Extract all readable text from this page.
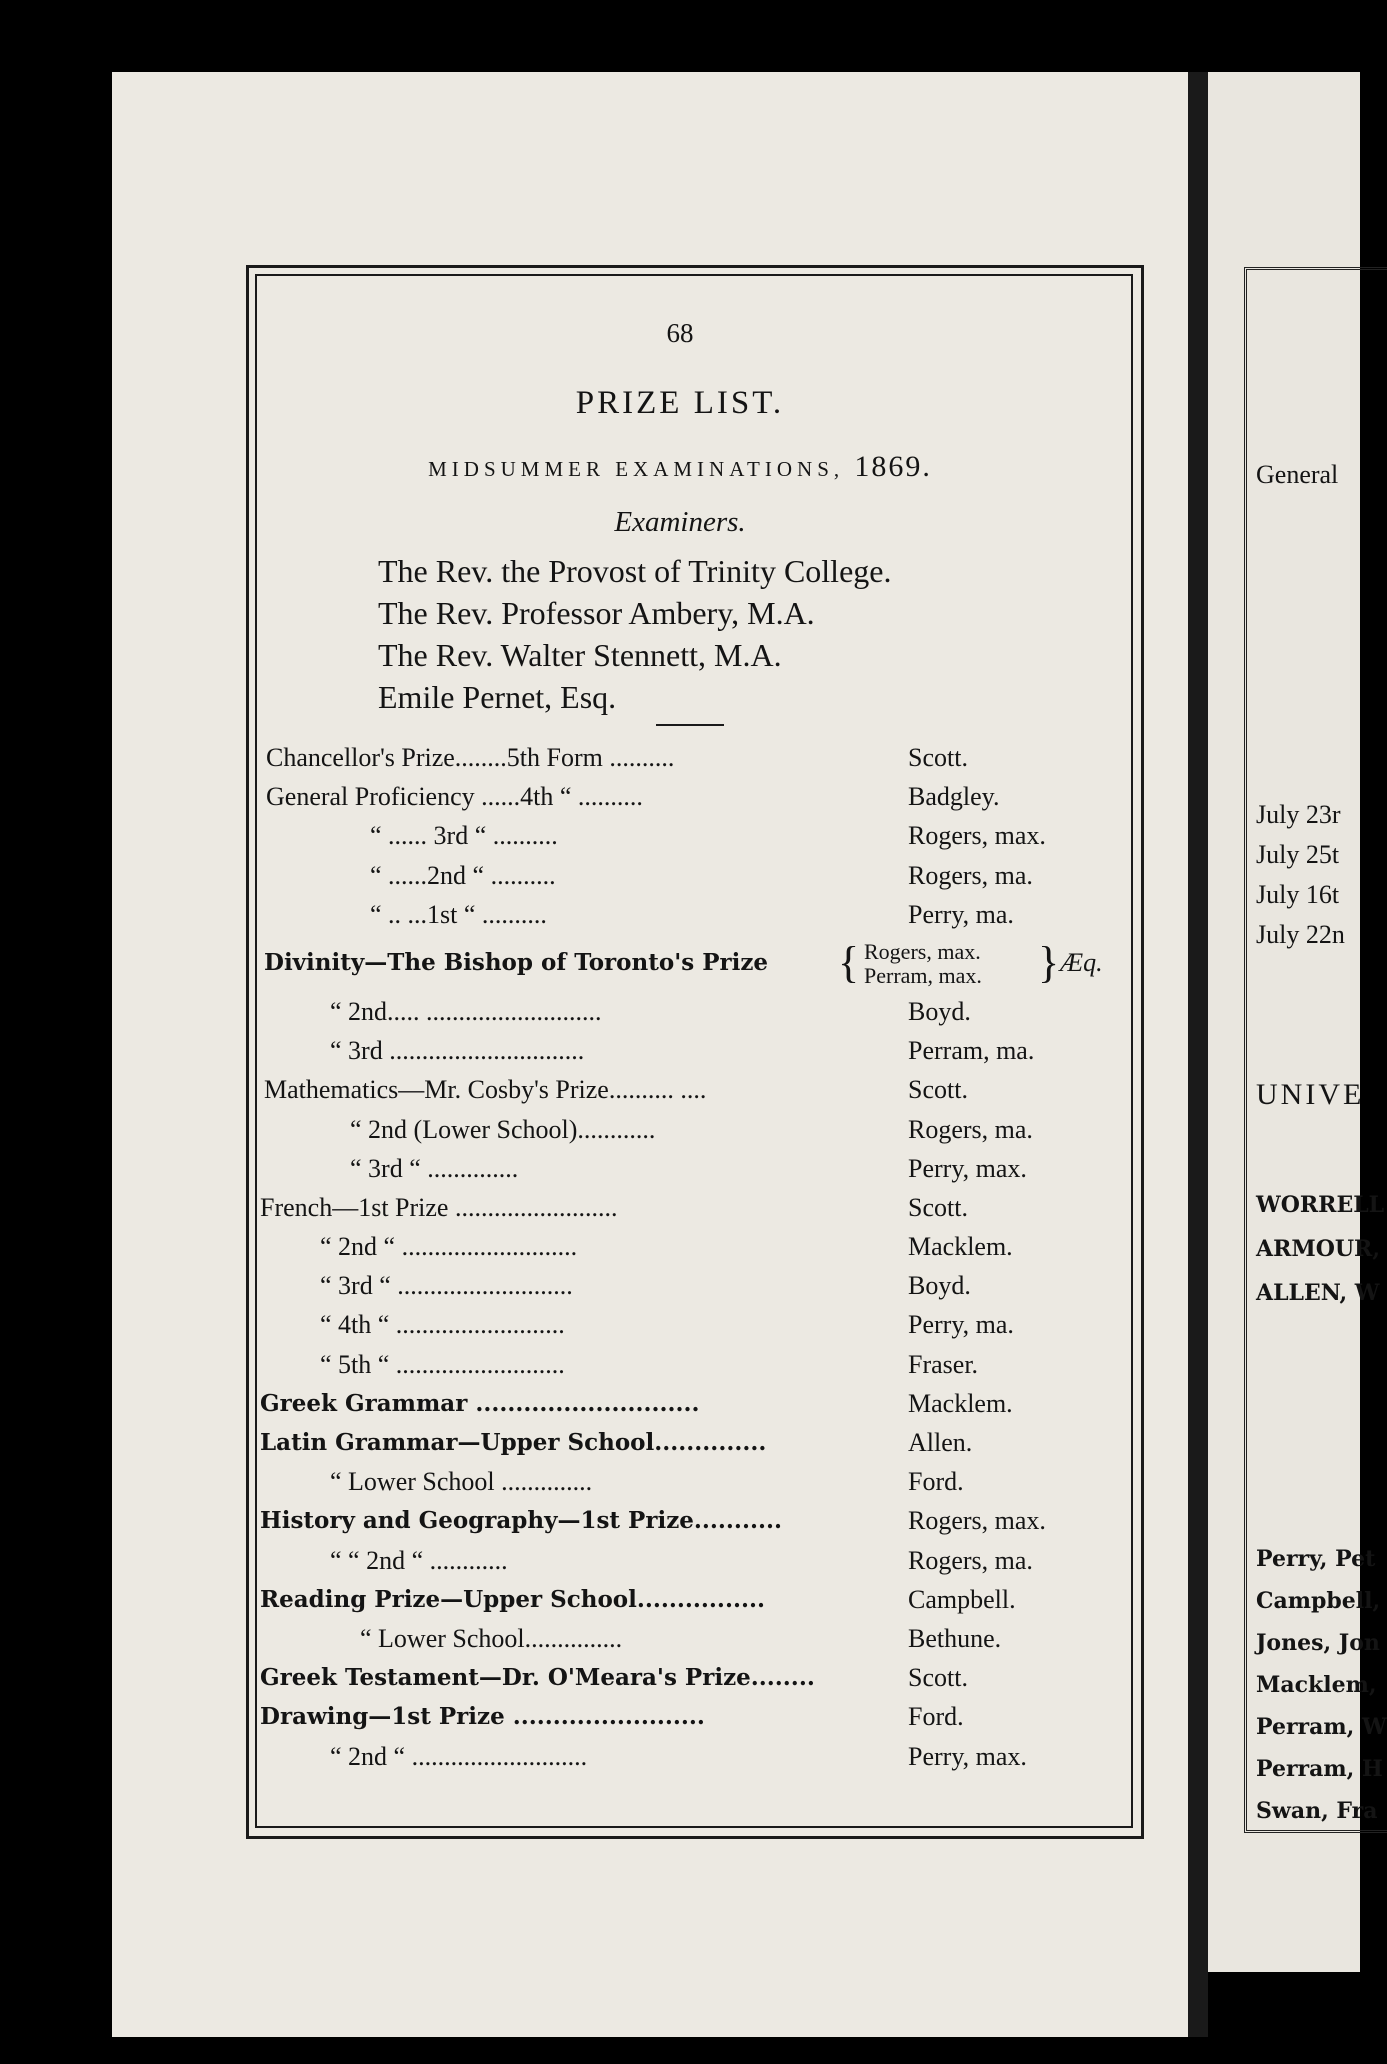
68
PRIZE LIST.
MIDSUMMER EXAMINATIONS, 1869.
Examiners.
The Rev. the Provost of Trinity College.
The Rev. Professor Ambery, M.A.
The Rev. Walter Stennett, M.A.
Emile Pernet, Esq.
Chancellor's Prize........5th Form ..........	Scott.
General Proficiency ......4th “ ..........	Badgley.
“ ...... 3rd “ ..........	Rogers, max.
“ ......2nd “ ..........	Rogers, ma.
“ .. ...1st “ ..........	Perry, ma.
Divinity—The Bishop of Toronto's Prize { Rogers, max.
Perram, max. } Æq.
“ 2nd..... ...........................	Boyd.
“ 3rd ..............................	Perram, ma.
Mathematics—Mr. Cosby's Prize.......... ....	Scott.
“ 2nd (Lower School)............	Rogers, ma.
“ 3rd “ ..............	Perry, max.
French—1st Prize .........................	Scott.
“ 2nd “ ...........................	Macklem.
“ 3rd “ ...........................	Boyd.
“ 4th “ ..........................	Perry, ma.
“ 5th “ ..........................	Fraser.
Greek Grammar ............................	Macklem.
Latin Grammar—Upper School..............	Allen.
“ Lower School ..............	Ford.
History and Geography—1st Prize...........	Rogers, max.
“ “ 2nd “ ............	Rogers, ma.
Reading Prize—Upper School................	Campbell.
“ Lower School...............	Bethune.
Greek Testament—Dr. O'Meara's Prize........	Scott.
Drawing—1st Prize ........................	Ford.
“ 2nd “ ...........................	Perry, max.
General
July 23r
July 25t
July 16t
July 22n
UNIVE
WORRELL
ARMOUR,
ALLEN, W
Perry, Pet
Campbell,
Jones, Jon
Macklem,
Perram, W
Perram, H
Swan, Fra
